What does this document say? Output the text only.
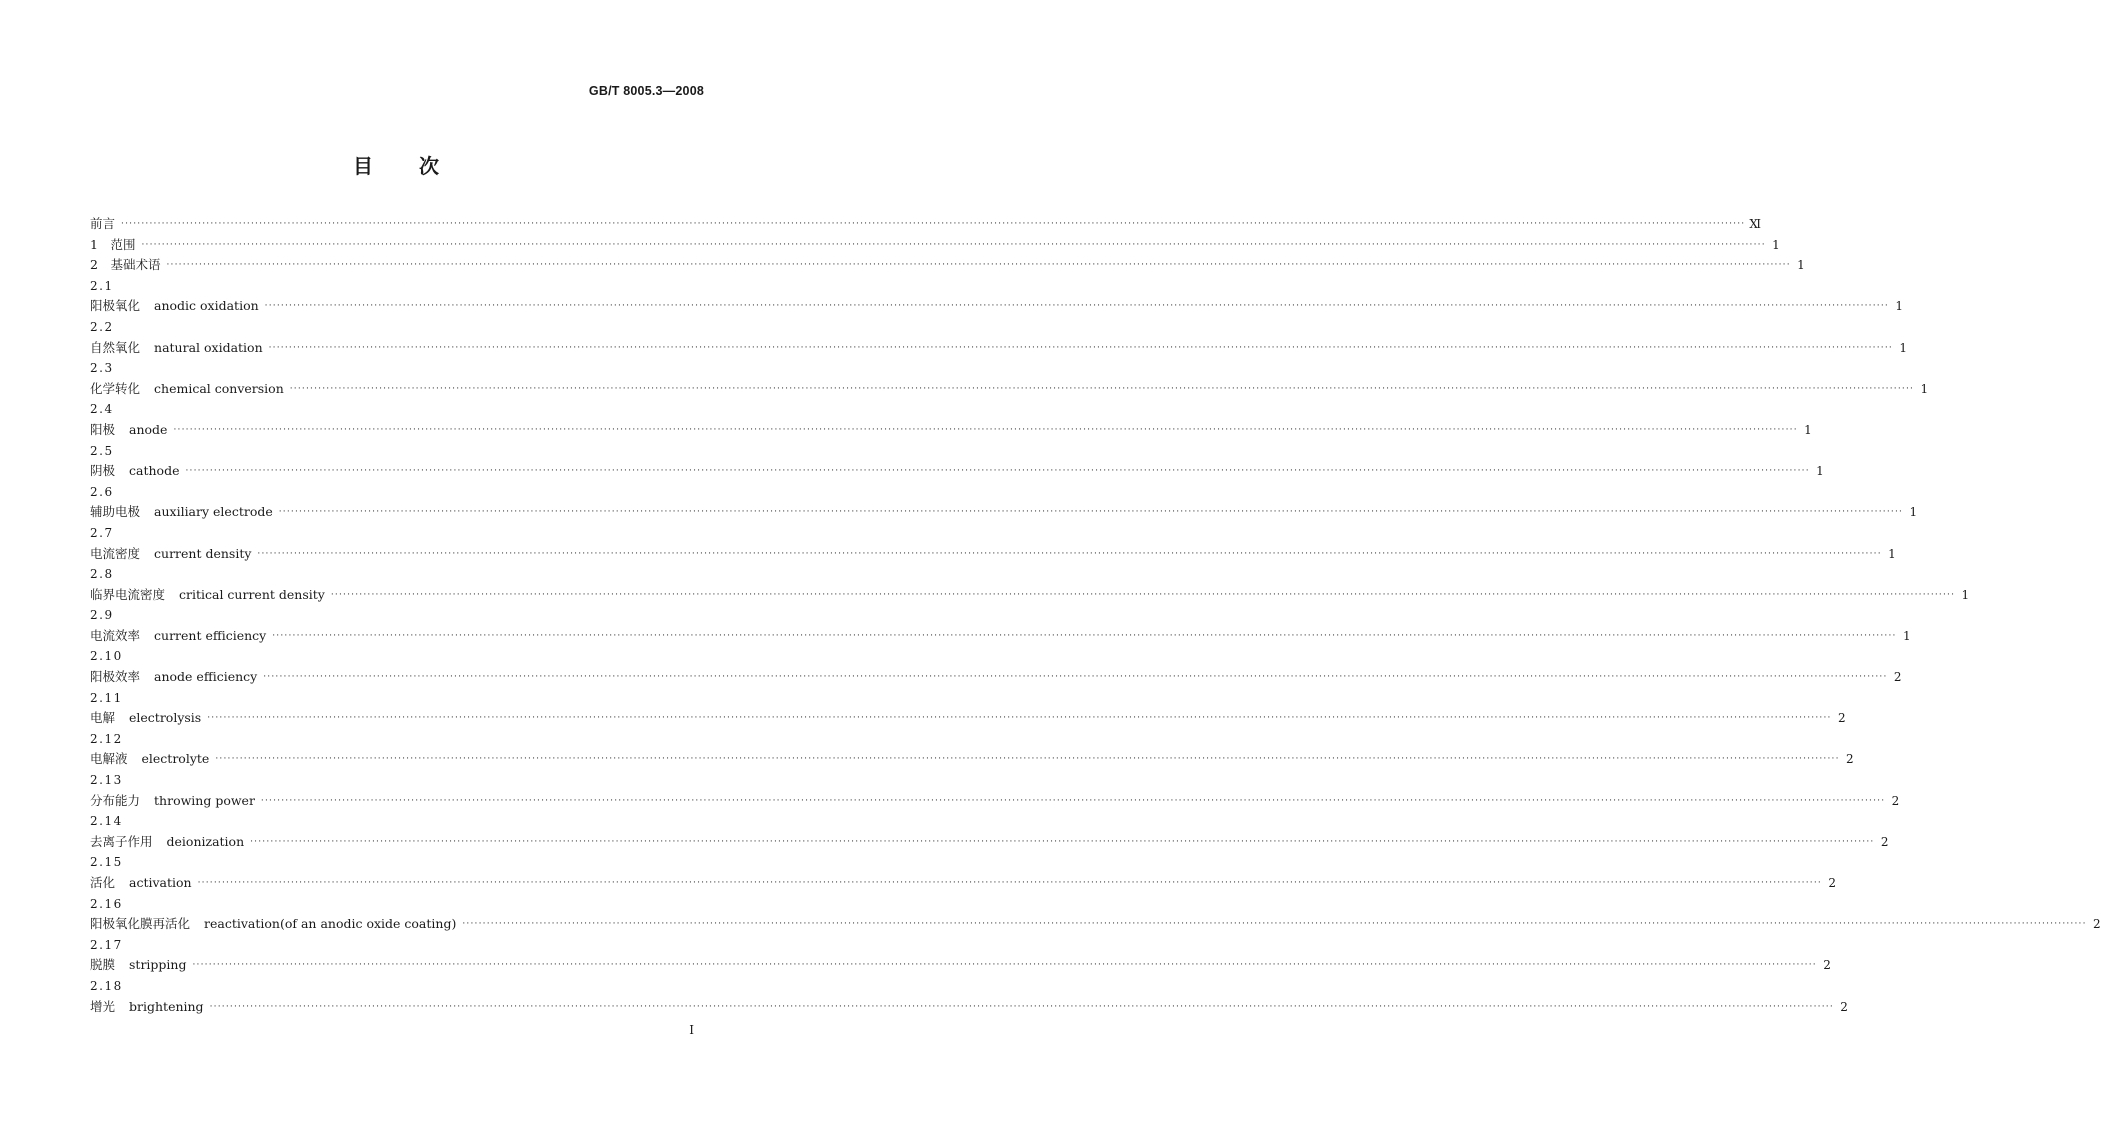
GB/T 8005.3—2008
目 次
前言 ················································································································································································································································································································································································································ Ⅺ
1　范围 ················································································································································································································································································································································································································ 1
2　基础术语 ················································································································································································································································································································································································································ 1
2.1
阳极氧化 anodic oxidation ················································································································································································································································································································································································································ 1
2.2
自然氧化 natural oxidation ················································································································································································································································································································································································································ 1
2.3
化学转化 chemical conversion ················································································································································································································································································································································································································ 1
2.4
阳极 anode ················································································································································································································································································································································································································ 1
2.5
阴极 cathode ················································································································································································································································································································································································································ 1
2.6
辅助电极 auxiliary electrode ················································································································································································································································································································································································································ 1
2.7
电流密度 current density ················································································································································································································································································································································································································ 1
2.8
临界电流密度 critical current density ················································································································································································································································································································································································································ 1
2.9
电流效率 current efficiency ················································································································································································································································································································································································································ 1
2.10
阳极效率 anode efficiency ················································································································································································································································································································································································································ 2
2.11
电解 electrolysis ················································································································································································································································································································································································································ 2
2.12
电解液 electrolyte ················································································································································································································································································································································································································ 2
2.13
分布能力 throwing power ················································································································································································································································································································································································································ 2
2.14
去离子作用 deionization ················································································································································································································································································································································································································ 2
2.15
活化 activation ················································································································································································································································································································································································································ 2
2.16
阳极氧化膜再活化 reactivation(of an anodic oxide coating) ················································································································································································································································································································································································································ 2
2.17
脱膜 stripping ················································································································································································································································································································································································································ 2
2.18
增光 brightening ················································································································································································································································································································································································································ 2
I
